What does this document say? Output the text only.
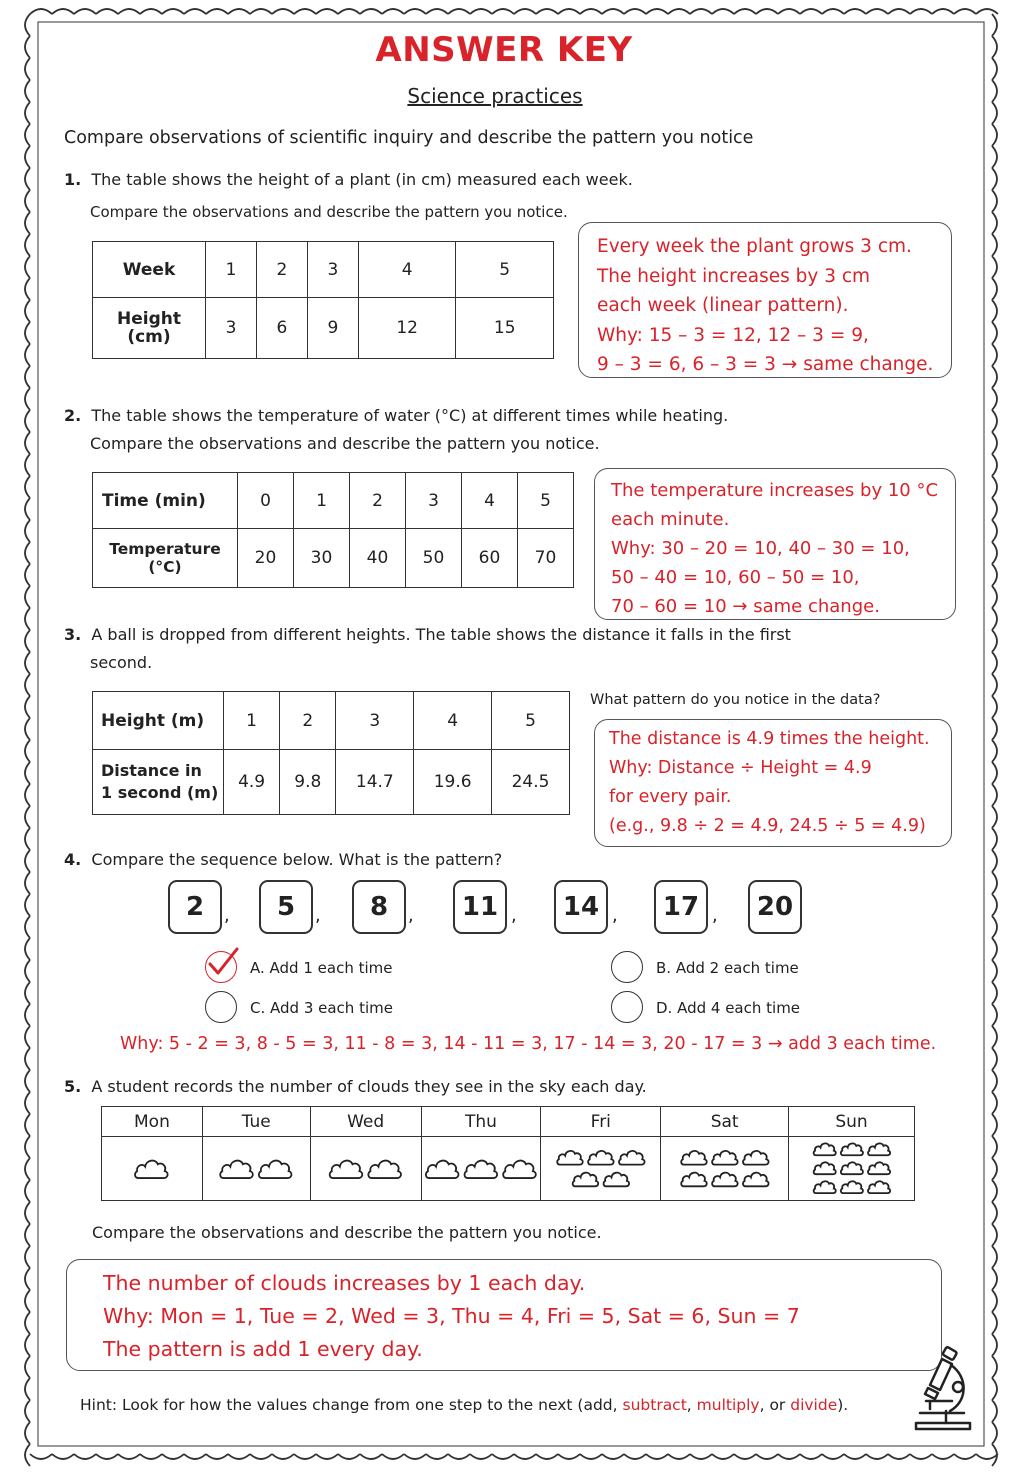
ANSWER KEY
Science practices
Compare observations of scientific inquiry and describe the pattern you notice
1. The table shows the height of a plant (in cm) measured each week.
Compare the observations and describe the pattern you notice.
Week	1	2	3	4	5
Height
(cm)	3	6	9	12	15
Every week the plant grows 3 cm.
The height increases by 3 cm
each week (linear pattern).
Why: 15 – 3 = 12, 12 – 3 = 9,
9 – 3 = 6, 6 – 3 = 3 → same change.
2. The table shows the temperature of water (°C) at different times while heating.
Compare the observations and describe the pattern you notice.
Time (min)	0	1	2	3	4	5
Temperature
(°C)	20	30	40	50	60	70
The temperature increases by 10 °C
each minute.
Why: 30 – 20 = 10, 40 – 30 = 10,
50 – 40 = 10, 60 – 50 = 10,
70 – 60 = 10 → same change.
3. A ball is dropped from different heights. The table shows the distance it falls in the first
second.
What pattern do you notice in the data?
Height (m)	1	2	3	4	5
Distance in
1 second (m)	4.9	9.8	14.7	19.6	24.5
The distance is 4.9 times the height.
Why: Distance ÷ Height = 4.9
for every pair.
(e.g., 9.8 ÷ 2 = 4.9, 24.5 ÷ 5 = 4.9)
4. Compare the sequence below. What is the pattern?
2	,	5	,	8	,	11 ,	14 ,	17 ,	20
A. Add 1 each time	B. Add 2 each time
C. Add 3 each time	D. Add 4 each time
Why: 5 - 2 = 3, 8 - 5 = 3, 11 - 8 = 3, 14 - 11 = 3, 17 - 14 = 3, 20 - 17 = 3 → add 3 each time.
5. A student records the number of clouds they see in the sky each day.
Mon	Tue	Wed	Thu	Fri	Sat	Sun

Compare the observations and describe the pattern you notice.
The number of clouds increases by 1 each day.
Why: Mon = 1, Tue = 2, Wed = 3, Thu = 4, Fri = 5, Sat = 6, Sun = 7
The pattern is add 1 every day.
Hint: Look for how the values change from one step to the next (add, subtract, multiply, or divide).
